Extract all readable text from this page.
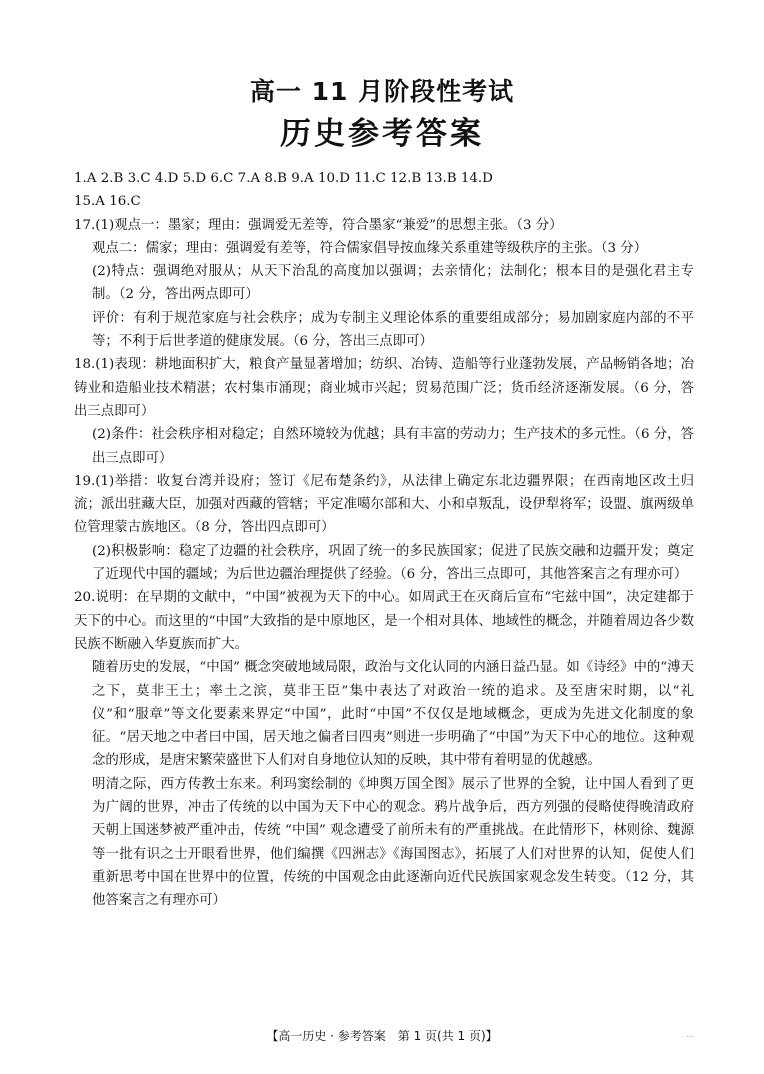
高一 11 月阶段性考试
历史参考答案
1.A 2.B 3.C 4.D 5.D 6.C 7.A 8.B 9.A 10.D 11.C 12.B 13.B 14.D
15.A 16.C
17.(1)观点一：墨家；理由：强调爱无差等，符合墨家“兼爱”的思想主张。（3 分）
观点二：儒家；理由：强调爱有差等，符合儒家倡导按血缘关系重建等级秩序的主张。（3 分）
(2)特点：强调绝对服从；从天下治乱的高度加以强调；去亲情化；法制化；根本目的是强化君主专制。（2 分，答出两点即可）
评价：有利于规范家庭与社会秩序；成为专制主义理论体系的重要组成部分；易加剧家庭内部的不平等；不利于后世孝道的健康发展。（6 分，答出三点即可）
18.(1)表现：耕地面积扩大，粮食产量显著增加；纺织、冶铸、造船等行业蓬勃发展，产品畅销各地；冶铸业和造船业技术精湛；农村集市涌现；商业城市兴起；贸易范围广泛；货币经济逐渐发展。（6 分，答出三点即可）
(2)条件：社会秩序相对稳定；自然环境较为优越；具有丰富的劳动力；生产技术的多元性。（6 分，答出三点即可）
19.(1)举措：收复台湾并设府；签订《尼布楚条约》，从法律上确定东北边疆界限；在西南地区改土归流；派出驻藏大臣，加强对西藏的管辖；平定准噶尔部和大、小和卓叛乱，设伊犁将军；设盟、旗两级单位管理蒙古族地区。（8 分，答出四点即可）
(2)积极影响：稳定了边疆的社会秩序，巩固了统一的多民族国家；促进了民族交融和边疆开发；奠定了近现代中国的疆域；为后世边疆治理提供了经验。（6 分，答出三点即可，其他答案言之有理亦可）
20.说明：在早期的文献中，“中国”被视为天下的中心。如周武王在灭商后宣布“宅兹中国”，决定建都于天下的中心。而这里的“中国”大致指的是中原地区，是一个相对具体、地域性的概念，并随着周边各少数民族不断融入华夏族而扩大。
随着历史的发展，“中国” 概念突破地域局限，政治与文化认同的内涵日益凸显。如《诗经》中的“溥天之下，莫非王土；率土之滨，莫非王臣”集中表达了对政治一统的追求。及至唐宋时期，以“礼仪”和“服章”等文化要素来界定“中国”，此时“中国”不仅仅是地域概念，更成为先进文化制度的象征。“居天地之中者曰中国，居天地之偏者曰四夷”则进一步明确了“中国”为天下中心的地位。这种观念的形成，是唐宋繁荣盛世下人们对自身地位认知的反映，其中带有着明显的优越感。
明清之际，西方传教士东来。利玛窦绘制的《坤舆万国全图》展示了世界的全貌，让中国人看到了更为广阔的世界，冲击了传统的以中国为天下中心的观念。鸦片战争后，西方列强的侵略使得晚清政府天朝上国迷梦被严重冲击，传统 “中国” 观念遭受了前所未有的严重挑战。在此情形下，林则徐、魏源等一批有识之士开眼看世界，他们编撰《四洲志》《海国图志》，拓展了人们对世界的认知，促使人们重新思考中国在世界中的位置，传统的中国观念由此逐渐向近代民族国家观念发生转变。（12 分，其他答案言之有理亦可）
【高一历史 · 参考答案　第 1 页(共 1 页)】	...
